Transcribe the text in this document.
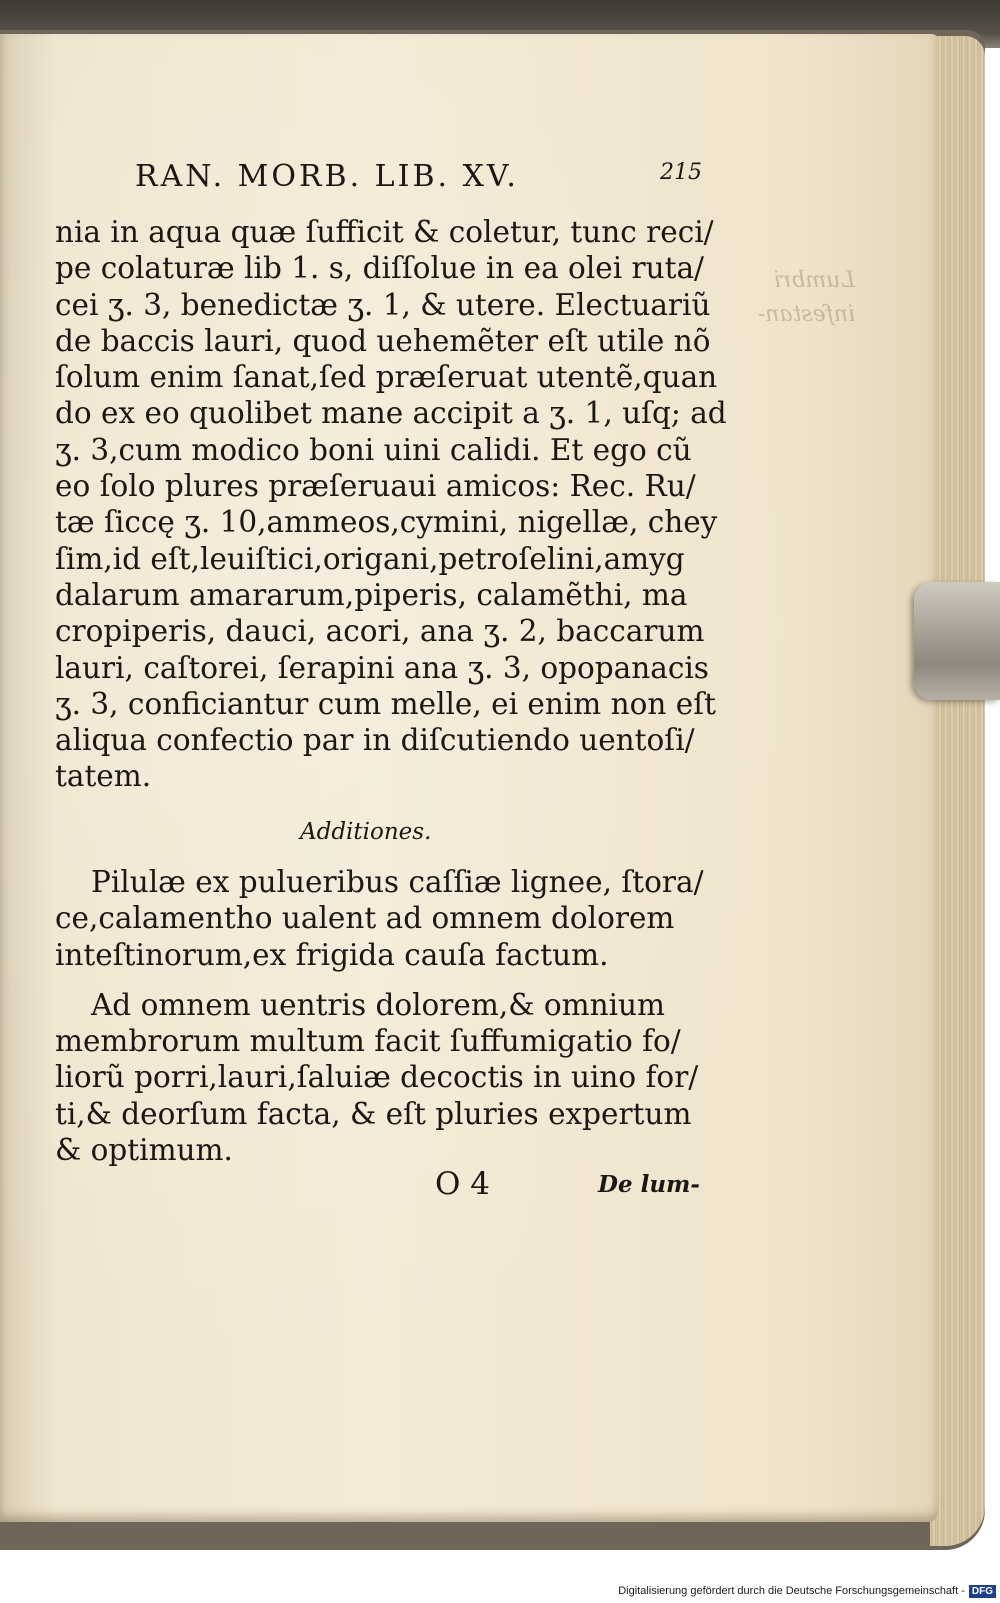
Lumbri
infestan-
RAN. MORB. LIB. XV.	215
nia in aqua quæ ſufficit & coletur, tunc reci/
pe colaturæ lib 1. s, diſſolue in ea olei ruta/
cei ʒ. 3, benedictæ ʒ. 1, & utere. Electuariũ
de baccis lauri, quod uehemẽter eſt utile nõ
ſolum enim ſanat,ſed præſeruat utentẽ,quan
do ex eo quolibet mane accipit a ʒ. 1, uſq; ad
ʒ. 3,cum modico boni uini calidi. Et ego cũ
eo ſolo plures præſeruaui amicos: Rec. Ru/
tæ ſiccę ʒ. 10,ammeos,cymini, nigellæ, chey
ſim,id eſt,leuiſtici,origani,petroſelini,amyg
dalarum amararum,piperis, calamẽthi, ma
cropiperis, dauci, acori, ana ʒ. 2, baccarum
lauri, caſtorei, ſerapini ana ʒ. 3, opopanacis
ʒ. 3, conficiantur cum melle, ei enim non eſt
aliqua confectio par in diſcutiendo uentoſi/
tatem.
Additiones.
Pilulæ ex pulueribus caſſiæ lignee, ſtora/
ce,calamentho ualent ad omnem dolorem
inteſtinorum,ex frigida cauſa factum.
Ad omnem uentris dolorem,& omnium
membrorum multum facit ſuffumigatio fo/
liorũ porri,lauri,ſaluiæ decoctis in uino for/
ti,& deorſum facta, & eſt pluries expertum
& optimum.
O 4	De lum-
Digitalisierung gefördert durch die Deutsche Forschungsgemeinschaft - DFG
